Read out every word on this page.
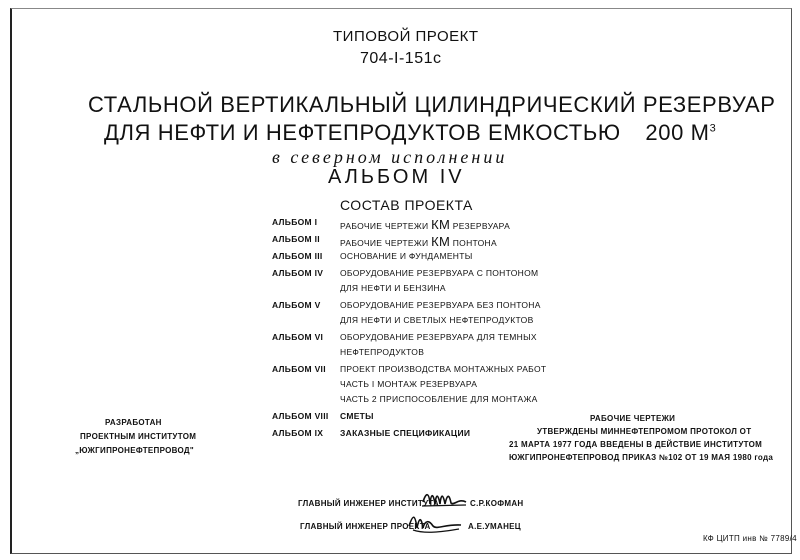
ТИПОВОЙ ПРОЕКТ
704-I-151с
СТАЛЬНОЙ ВЕРТИКАЛЬНЫЙ ЦИЛИНДРИЧЕСКИЙ РЕЗЕРВУАР
ДЛЯ НЕФТИ И НЕФТЕПРОДУКТОВ ЕМКОСТЬЮ 200 $М^3$
в северном исполнении
АЛЬБОМ IV
СОСТАВ ПРОЕКТА
АЛЬБОМ I	РАБОЧИЕ ЧЕРТЕЖИ КМ РЕЗЕРВУАРА
АЛЬБОМ II РАБОЧИЕ ЧЕРТЕЖИ КМ ПОНТОНА
АЛЬБОМ III ОСНОВАНИЕ И ФУНДАМЕНТЫ
АЛЬБОМ IV ОБОРУДОВАНИЕ РЕЗЕРВУАРА С ПОНТОНОМ
ДЛЯ НЕФТИ И БЕНЗИНА
АЛЬБОМ V ОБОРУДОВАНИЕ РЕЗЕРВУАРА БЕЗ ПОНТОНА
ДЛЯ НЕФТИ И СВЕТЛЫХ НЕФТЕПРОДУКТОВ
АЛЬБОМ VI ОБОРУДОВАНИЕ РЕЗЕРВУАРА ДЛЯ ТЕМНЫХ
НЕФТЕПРОДУКТОВ
АЛЬБОМ VII ПРОЕКТ ПРОИЗВОДСТВА МОНТАЖНЫХ РАБОТ
ЧАСТЬ I МОНТАЖ РЕЗЕРВУАРА
ЧАСТЬ 2 ПРИСПОСОБЛЕНИЕ ДЛЯ МОНТАЖА
АЛЬБОМ VIII СМЕТЫ
АЛЬБОМ IX ЗАКАЗНЫЕ СПЕЦИФИКАЦИИ
РАЗРАБОТАН
ПРОЕКТНЫМ ИНСТИТУТОМ
„ЮЖГИПРОНЕФТЕПРОВОД"
РАБОЧИЕ ЧЕРТЕЖИ
УТВЕРЖДЕНЫ МИННЕФТЕПРОМОМ ПРОТОКОЛ ОТ
21 МАРТА 1977 ГОДА ВВЕДЕНЫ В ДЕЙСТВИЕ ИНСТИТУТОМ
ЮЖГИПРОНЕФТЕПРОВОД ПРИКАЗ №102 ОТ 19 МАЯ 1980 года
ГЛАВНЫЙ ИНЖЕНЕР ИНСТИТУТА	С.Р.КОФМАН
ГЛАВНЫЙ ИНЖЕНЕР ПРОЕКТА	А.Е.УМАНЕЦ
КФ ЦИТП инв № 7789/4
